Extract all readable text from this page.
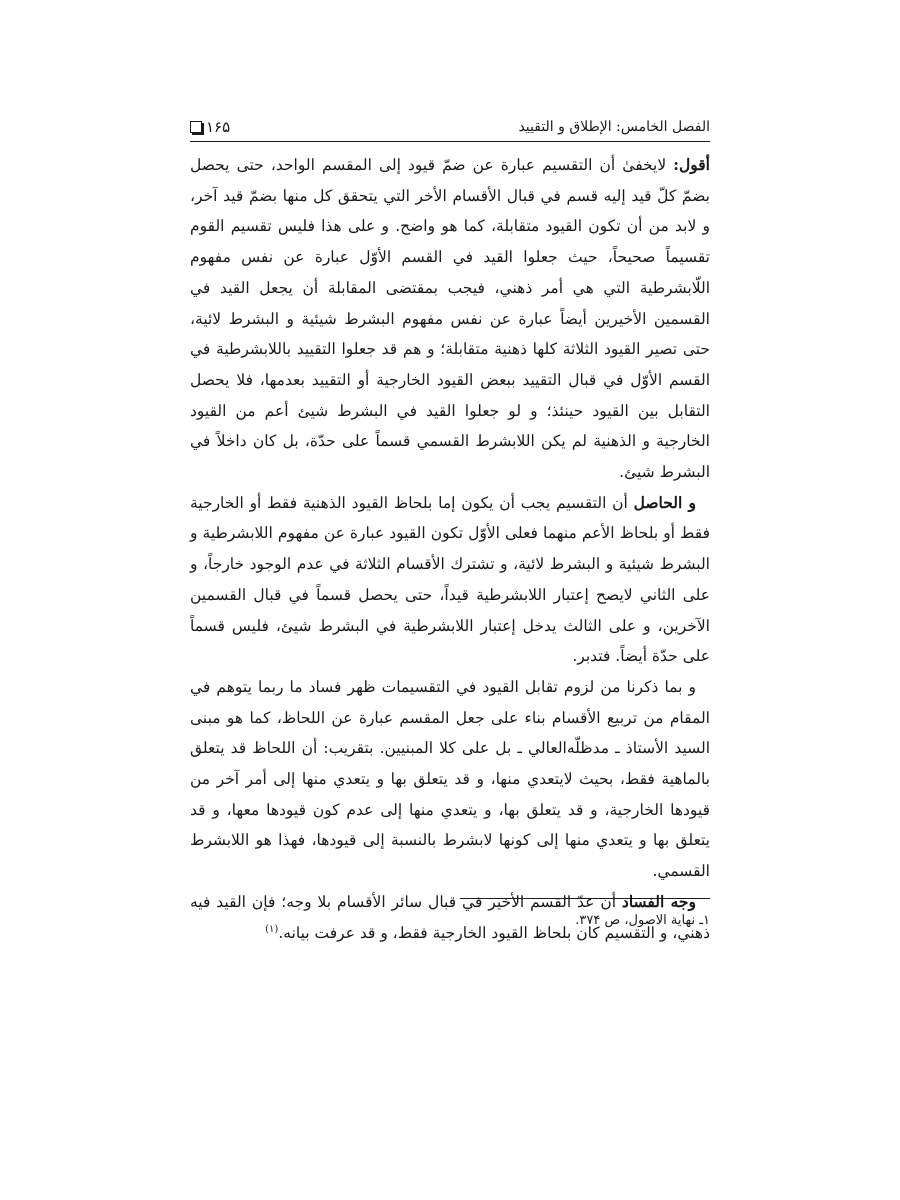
الفصل الخامس: الإطلاق و التقييد
١۶۵

أقول: لايخفىٰ أن التقسيم عبارة عن ضمّ قيود إلى المقسم الواحد، حتى يحصل بضمّ كلّ قيد إليه قسم في قبال الأقسام الأخر التي يتحقق كل منها بضمّ قيد آخر، و لابد من أن تكون القيود متقابلة، كما هو واضح. و على هذا فليس تقسيم القوم تقسيماً صحيحاً، حيث جعلوا القيد في القسم الأوّل عبارة عن نفس مفهوم اللّابشرطية التي هي أمر ذهني، فيجب بمقتضى المقابلة أن يجعل القيد في القسمين الأخيرين أيضاً عبارة عن نفس مفهوم البشرط شيئية و البشرط لائية، حتى تصير القيود الثلاثة كلها ذهنية متقابلة؛ و هم قد جعلوا التقييد باللابشرطية في القسم الأوّل في قبال التقييد ببعض القيود الخارجية أو التقييد بعدمها، فلا يحصل التقابل بين القيود حينئذ؛ و لو جعلوا القيد في البشرط شيئ أعم من القيود الخارجية و الذهنية لم يكن اللابشرط القسمي قسماً على حدّة، بل كان داخلاً في البشرط شيئ.

و الحاصل أن التقسيم يجب أن يكون إما بلحاظ القيود الذهنية فقط أو الخارجية فقط أو بلحاظ الأعم منهما فعلى الأوّل تكون القيود عبارة عن مفهوم اللابشرطية و البشرط شيئية و البشرط لائية، و تشترك الأقسام الثلاثة في عدم الوجود خارجاً، و على الثاني لايصح إعتبار اللابشرطية قيداً، حتى يحصل قسماً في قبال القسمين الآخرين، و على الثالث يدخل إعتبار اللابشرطية في البشرط شيئ، فليس قسماً على حدّة أيضاً. فتدبر.

و بما ذكرنا من لزوم تقابل القيود في التقسيمات ظهر فساد ما ربما يتوهم في المقام من تربيع الأقسام بناء على جعل المقسم عبارة عن اللحاظ، كما هو مبنى السيد الأستاذ ـ مدظلّه‌العالي ـ بل على كلا المبنيين. بتقريب: أن اللحاظ قد يتعلق بالماهية فقط، بحيث لايتعدي منها، و قد يتعلق بها و يتعدي منها إلى أمر آخر من قيودها الخارجية، و قد يتعلق بها، و يتعدي منها إلى عدم كون قيودها معها، و قد يتعلق بها و يتعدي منها إلى كونها لابشرط بالنسبة إلى قيودها، فهذا هو اللابشرط القسمي.

وجه الفساد أن عدّ القسم الأخير في قبال سائر الأقسام بلا وجه؛ فإن القيد فيه ذهني، و التقسيم كان بلحاظ القيود الخارجية فقط، و قد عرفت بيانه.$^{(١)}$

١ـ نهاية الاصول، ص ٣٧۴.
